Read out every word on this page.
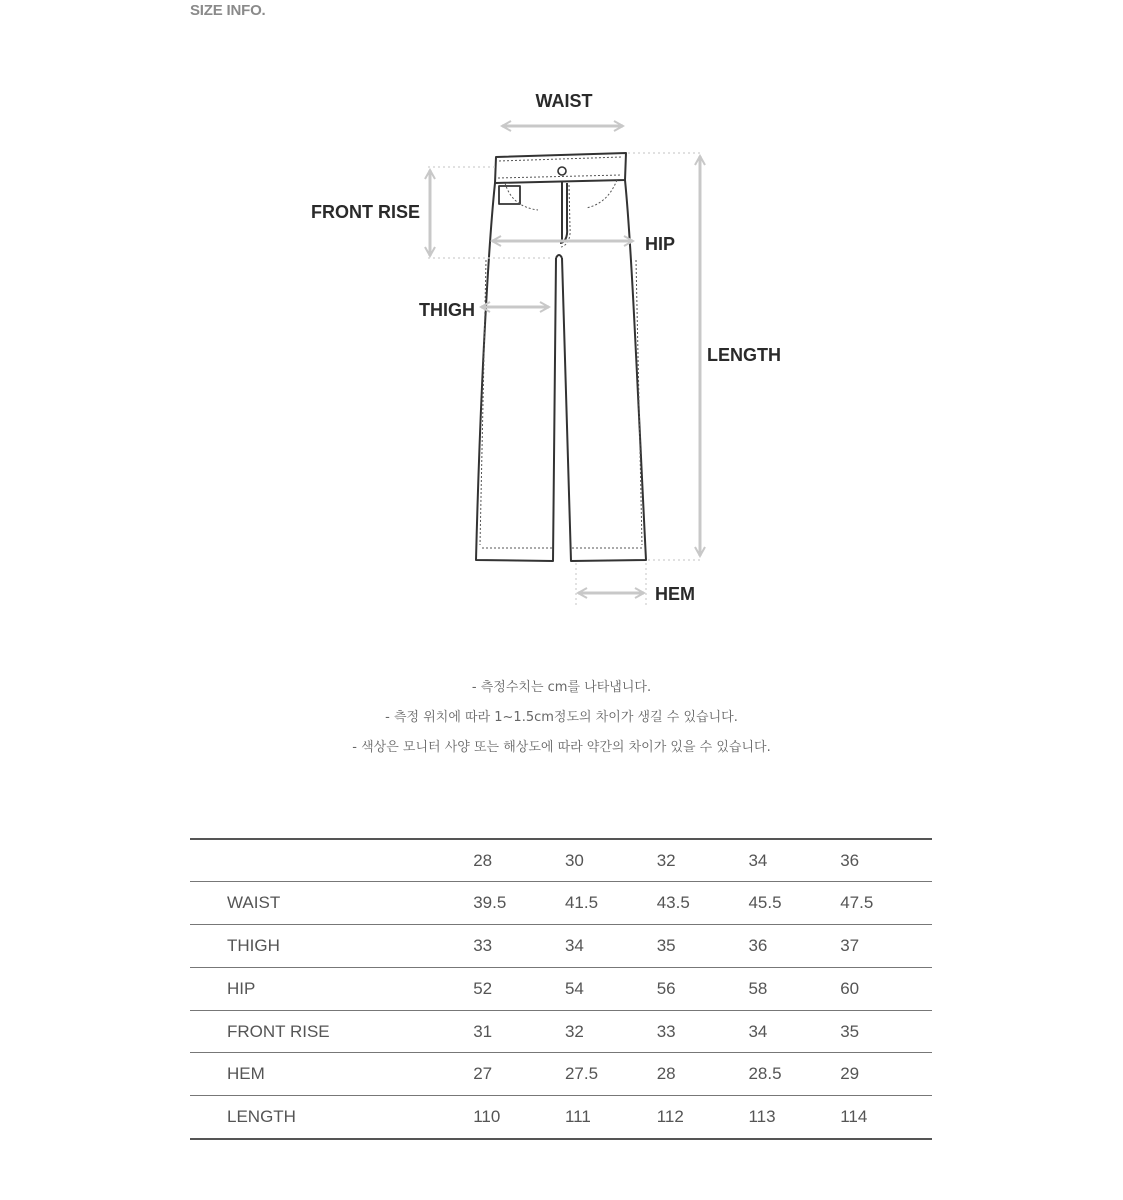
SIZE INFO.
WAIST
FRONT RISE
HIP
THIGH
LENGTH
HEM
- 측정수치는 cm를 나타냅니다.
- 측정 위치에 따라 1~1.5cm정도의 차이가 생길 수 있습니다.
- 색상은 모니터 사양 또는 해상도에 따라 약간의 차이가 있을 수 있습니다.
	28	30	32	34	36
WAIST	39.5	41.5	43.5	45.5	47.5
THIGH	33	34	35	36	37
HIP	52	54	56	58	60
FRONT RISE	31	32	33	34	35
HEM	27	27.5	28	28.5	29
LENGTH	110	111	112	113	114
